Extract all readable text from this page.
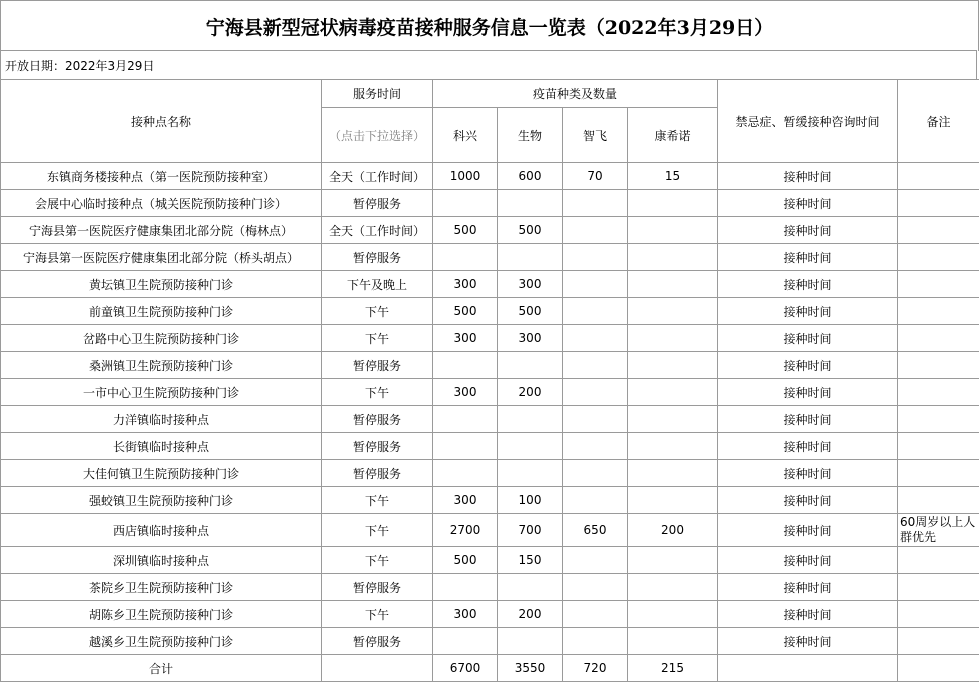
宁海县新型冠状病毒疫苗接种服务信息一览表（2022年3月29日）
开放日期：2022年3月29日
接种点名称	服务时间	疫苗种类及数量				禁忌症、暂缓接种咨询时间	备注
	（点击下拉选择）	科兴	生物	智飞	康希诺		
东镇商务楼接种点（第一医院预防接种室）	全天（工作时间）	1000	600	70	15	接种时间	
会展中心临时接种点（城关医院预防接种门诊）	暂停服务					接种时间	
宁海县第一医院医疗健康集团北部分院（梅林点）	全天（工作时间）	500	500			接种时间	
宁海县第一医院医疗健康集团北部分院（桥头胡点）	暂停服务					接种时间	
黄坛镇卫生院预防接种门诊	下午及晚上	300	300			接种时间	
前童镇卫生院预防接种门诊	下午	500	500			接种时间	
岔路中心卫生院预防接种门诊	下午	300	300			接种时间	
桑洲镇卫生院预防接种门诊	暂停服务					接种时间	
一市中心卫生院预防接种门诊	下午	300	200			接种时间	
力洋镇临时接种点	暂停服务					接种时间	
长街镇临时接种点	暂停服务					接种时间	
大佳何镇卫生院预防接种门诊	暂停服务					接种时间	
强蛟镇卫生院预防接种门诊	下午	300	100			接种时间	
西店镇临时接种点	下午	2700	700	650	200	接种时间	60周岁以上人群优先
深圳镇临时接种点	下午	500	150			接种时间	
茶院乡卫生院预防接种门诊	暂停服务					接种时间	
胡陈乡卫生院预防接种门诊	下午	300	200			接种时间	
越溪乡卫生院预防接种门诊	暂停服务					接种时间	
合计		6700	3550	720	215		
